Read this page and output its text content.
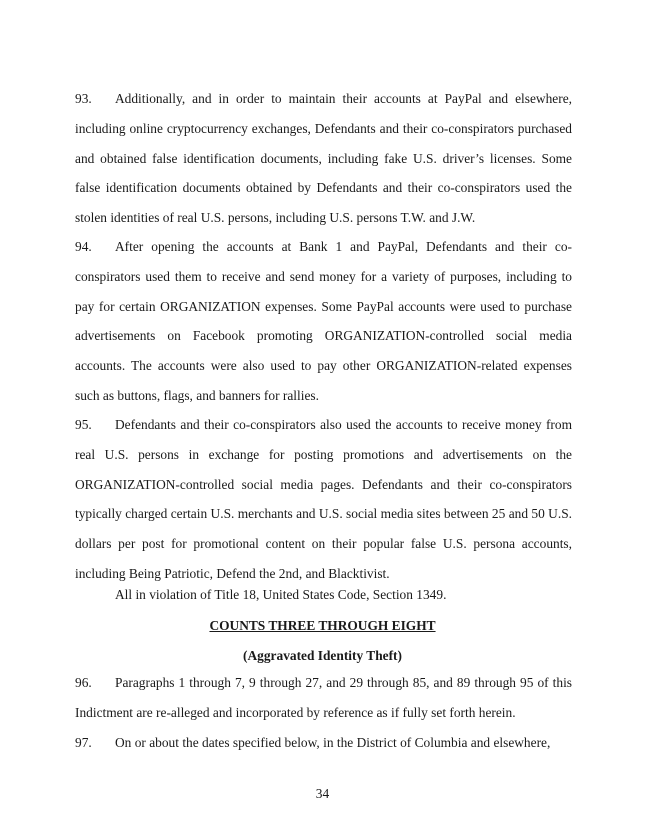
93. Additionally, and in order to maintain their accounts at PayPal and elsewhere, including online cryptocurrency exchanges, Defendants and their co-conspirators purchased and obtained false identification documents, including fake U.S. driver’s licenses. Some false identification documents obtained by Defendants and their co-conspirators used the stolen identities of real U.S. persons, including U.S. persons T.W. and J.W.

94. After opening the accounts at Bank 1 and PayPal, Defendants and their co-conspirators used them to receive and send money for a variety of purposes, including to pay for certain ORGANIZATION expenses. Some PayPal accounts were used to purchase advertisements on Facebook promoting ORGANIZATION-controlled social media accounts. The accounts were also used to pay other ORGANIZATION-related expenses such as buttons, flags, and banners for rallies.

95. Defendants and their co-conspirators also used the accounts to receive money from real U.S. persons in exchange for posting promotions and advertisements on the ORGANIZATION-controlled social media pages. Defendants and their co-conspirators typically charged certain U.S. merchants and U.S. social media sites between 25 and 50 U.S. dollars per post for promotional content on their popular false U.S. persona accounts, including Being Patriotic, Defend the 2nd, and Blacktivist.

All in violation of Title 18, United States Code, Section 1349.

COUNTS THREE THROUGH EIGHT

(Aggravated Identity Theft)

96. Paragraphs 1 through 7, 9 through 27, and 29 through 85, and 89 through 95 of this Indictment are re-alleged and incorporated by reference as if fully set forth herein.

97. On or about the dates specified below, in the District of Columbia and elsewhere,

34
